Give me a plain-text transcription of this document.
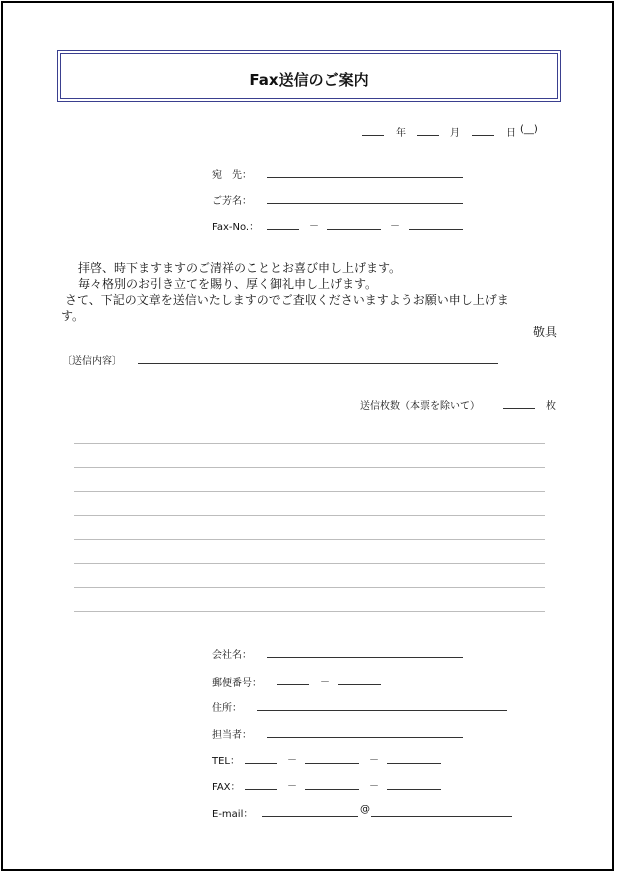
Fax送信のご案内
年	月	日 (__)
宛　先：
ご芳名：
Fax-No.：	－	－
拝啓、時下ますますのご清祥のこととお喜び申し上げます。
毎々格別のお引き立てを賜り、厚く御礼申し上げます。
さて、下記の文章を送信いたしますのでご査収くださいますようお願い申し上げま
す。
敬具
〔送信内容〕
送信枚数（本票を除いて）	枚
会社名：
郵便番号：	－
住所：
担当者：
TEL：	－	－
FAX：	－	－
E-mail：	@
